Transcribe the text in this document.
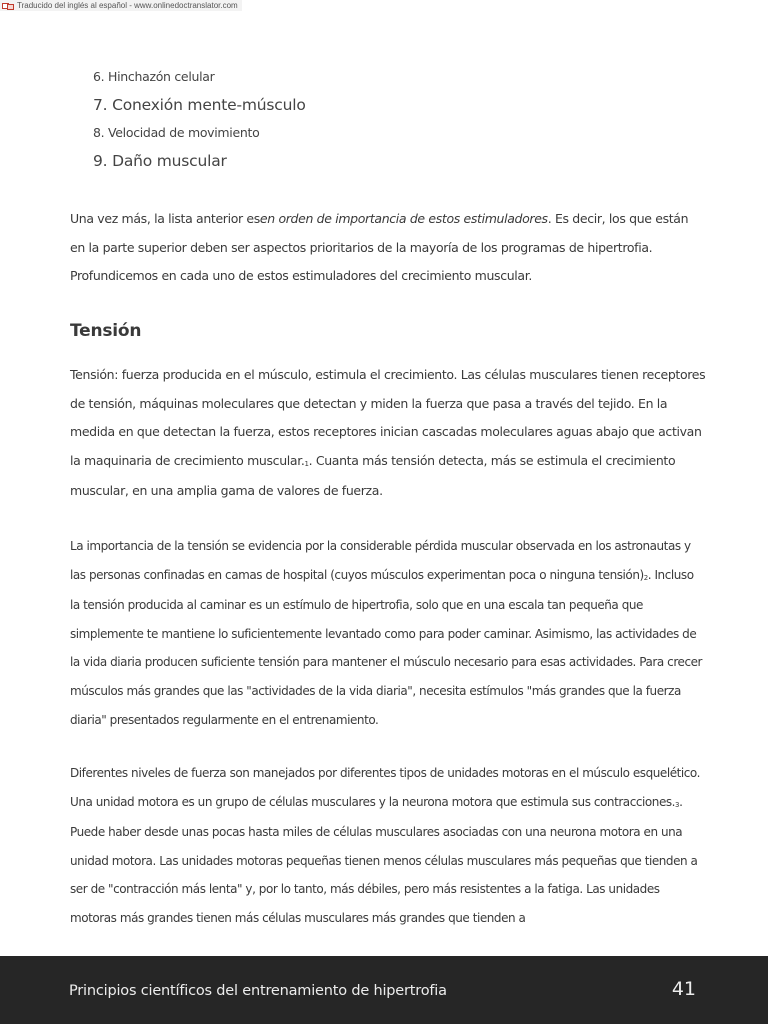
Traducido del inglés al español - www.onlinedoctranslator.com
6. Hinchazón celular
7. Conexión mente-músculo
8. Velocidad de movimiento
9. Daño muscular

Una vez más, la lista anterior esen orden de importancia de estos estimuladores. Es decir, los que están en la parte superior deben ser aspectos prioritarios de la mayoría de los programas de hipertrofia. Profundicemos en cada uno de estos estimuladores del crecimiento muscular.

Tensión

Tensión: fuerza producida en el músculo, estimula el crecimiento. Las células musculares tienen receptores de tensión, máquinas moleculares que detectan y miden la fuerza que pasa a través del tejido. En la medida en que detectan la fuerza, estos receptores inician cascadas moleculares aguas abajo que activan la maquinaria de crecimiento muscular.$^1$. Cuanta más tensión detecta, más se estimula el crecimiento muscular, en una amplia gama de valores de fuerza.

La importancia de la tensión se evidencia por la considerable pérdida muscular observada en los astronautas y las personas confinadas en camas de hospital (cuyos músculos experimentan poca o ninguna tensión)$^2$. Incluso la tensión producida al caminar es un estímulo de hipertrofia, solo que en una escala tan pequeña que simplemente te mantiene lo suficientemente levantado como para poder caminar. Asimismo, las actividades de la vida diaria producen suficiente tensión para mantener el músculo necesario para esas actividades. Para crecer músculos más grandes que las "actividades de la vida diaria", necesita estímulos "más grandes que la fuerza diaria" presentados regularmente en el entrenamiento.

Diferentes niveles de fuerza son manejados por diferentes tipos de unidades motoras en el músculo esquelético. Una unidad motora es un grupo de células musculares y la neurona motora que estimula sus contracciones.$^3$. Puede haber desde unas pocas hasta miles de células musculares asociadas con una neurona motora en una unidad motora. Las unidades motoras pequeñas tienen menos células musculares más pequeñas que tienden a ser de "contracción más lenta" y, por lo tanto, más débiles, pero más resistentes a la fatiga. Las unidades motoras más grandes tienen más células musculares más grandes que tienden a

Principios científicos del entrenamiento de hipertrofia	41
